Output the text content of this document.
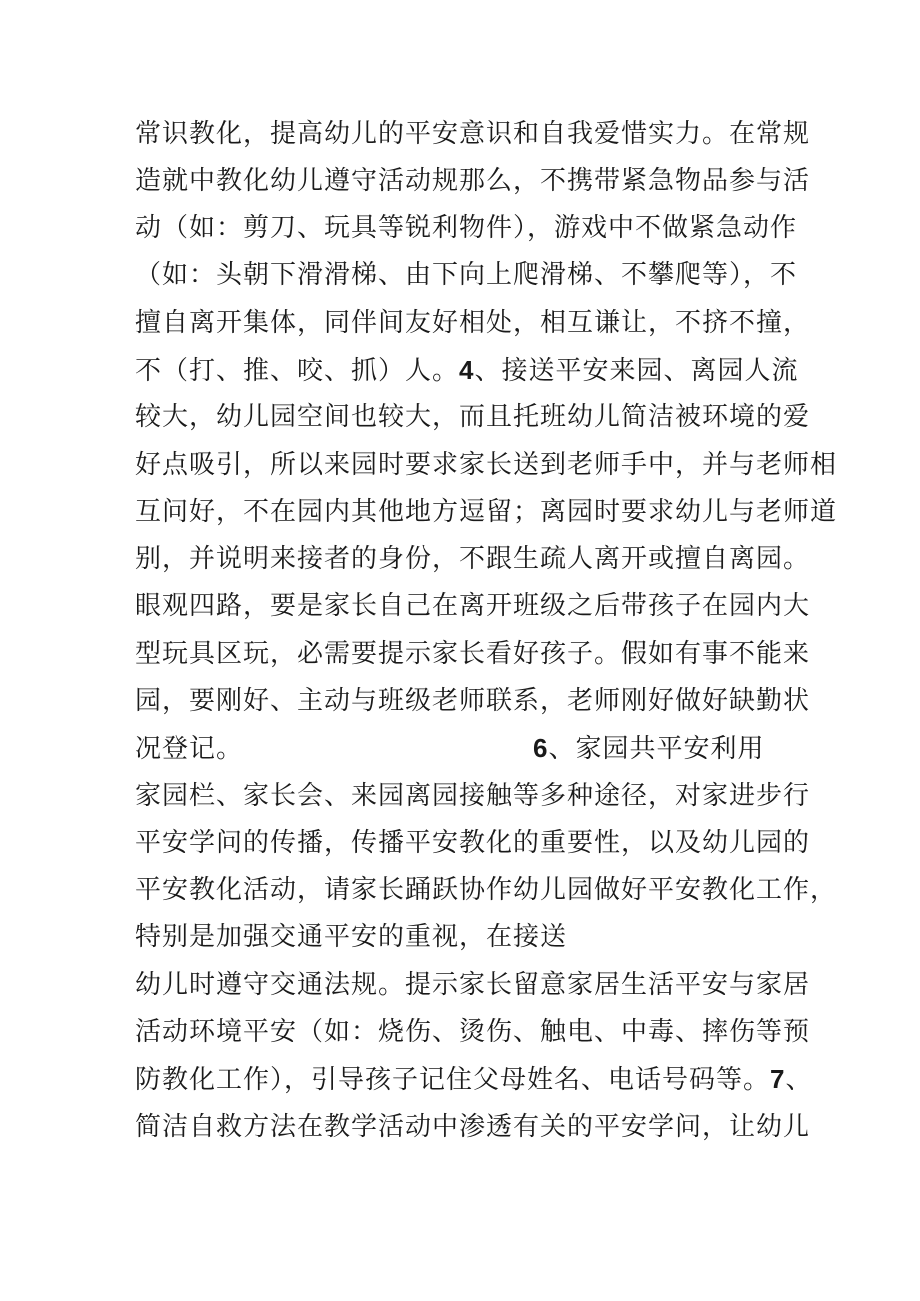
常识教化，提高幼儿的平安意识和自我爱惜实力。在常规
造就中教化幼儿遵守活动规那么，不携带紧急物品参与活
动（如：剪刀、玩具等锐利物件），游戏中不做紧急动作
（如：头朝下滑滑梯、由下向上爬滑梯、不攀爬等），不
擅自离开集体，同伴间友好相处，相互谦让，不挤不撞，
不（打、推、咬、抓）人。4、接送平安来园、离园人流
较大，幼儿园空间也较大，而且托班幼儿简洁被环境的爱
好点吸引，所以来园时要求家长送到老师手中，并与老师相
互问好，不在园内其他地方逗留；离园时要求幼儿与老师道
别，并说明来接者的身份，不跟生疏人离开或擅自离园。
眼观四路，要是家长自己在离开班级之后带孩子在园内大
型玩具区玩，必需要提示家长看好孩子。假如有事不能来
园，要刚好、主动与班级老师联系，老师刚好做好缺勤状
况登记。	6、家园共平安利用
家园栏、家长会、来园离园接触等多种途径，对家进步行
平安学问的传播，传播平安教化的重要性，以及幼儿园的
平安教化活动，请家长踊跃协作幼儿园做好平安教化工作，
特别是加强交通平安的重视，在接送
幼儿时遵守交通法规。提示家长留意家居生活平安与家居
活动环境平安（如：烧伤、烫伤、触电、中毒、摔伤等预
防教化工作），引导孩子记住父母姓名、电话号码等。7、
简洁自救方法在教学活动中渗透有关的平安学问，让幼儿
